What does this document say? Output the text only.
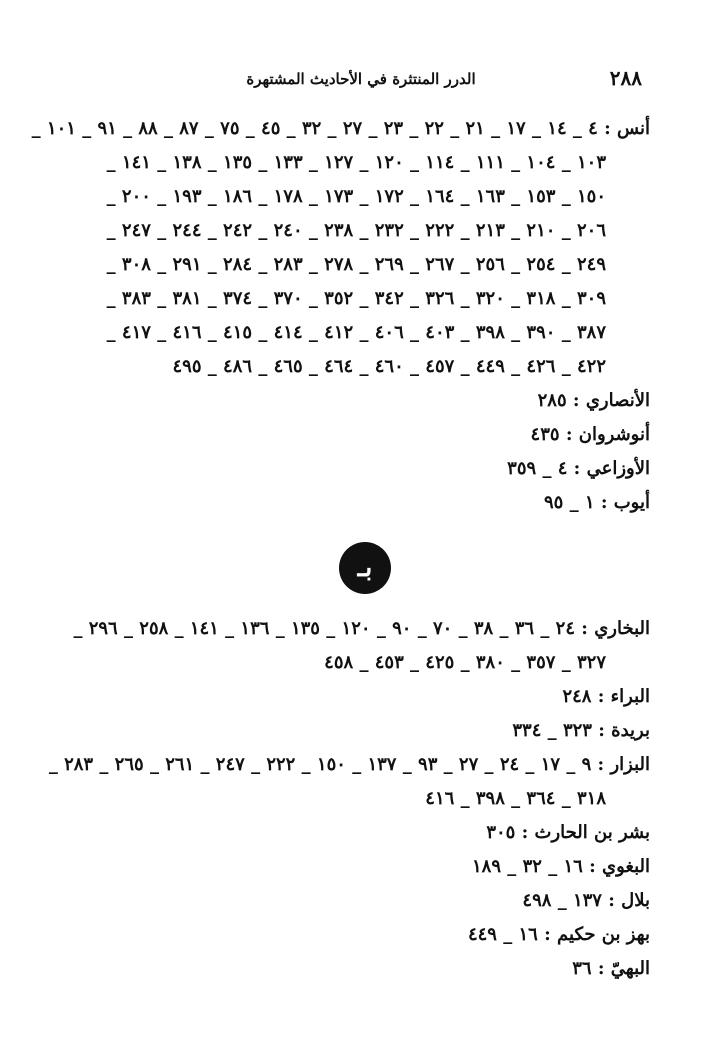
٢٨٨
الدرر المنتثرة في الأحاديث المشتهرة
أنس : ٤ _ ١٤ _ ١٧ _ ٢١ _ ٢٢ _ ٢٣ _ ٢٧ _ ٣٢ _ ٤٥ _ ٧٥ _ ٨٧ _ ٨٨ _ ٩١ _ ١٠١ _
١٠٣ _ ١٠٤ _ ١١١ _ ١١٤ _ ١٢٠ _ ١٢٧ _ ١٣٣ _ ١٣٥ _ ١٣٨ _ ١٤١ _
١٥٠ _ ١٥٣ _ ١٦٣ _ ١٦٤ _ ١٧٢ _ ١٧٣ _ ١٧٨ _ ١٨٦ _ ١٩٣ _ ٢٠٠ _
٢٠٦ _ ٢١٠ _ ٢١٣ _ ٢٢٢ _ ٢٣٢ _ ٢٣٨ _ ٢٤٠ _ ٢٤٢ _ ٢٤٤ _ ٢٤٧ _
٢٤٩ _ ٢٥٤ _ ٢٥٦ _ ٢٦٧ _ ٢٦٩ _ ٢٧٨ _ ٢٨٣ _ ٢٨٤ _ ٢٩١ _ ٣٠٨ _
٣٠٩ _ ٣١٨ _ ٣٢٠ _ ٣٢٦ _ ٣٤٢ _ ٣٥٢ _ ٣٧٠ _ ٣٧٤ _ ٣٨١ _ ٣٨٣ _
٣٨٧ _ ٣٩٠ _ ٣٩٨ _ ٤٠٣ _ ٤٠٦ _ ٤١٢ _ ٤١٤ _ ٤١٥ _ ٤١٦ _ ٤١٧ _
٤٢٢ _ ٤٢٦ _ ٤٤٩ _ ٤٥٧ _ ٤٦٠ _ ٤٦٤ _ ٤٦٥ _ ٤٨٦ _ ٤٩٥
الأنصاري : ٢٨٥
أنوشروان : ٤٣٥
الأوزاعي : ٤ _ ٣٥٩
أيوب : ١ _ ٩٥
بـ
البخاري : ٢٤ _ ٣٦ _ ٣٨ _ ٧٠ _ ٩٠ _ ١٢٠ _ ١٣٥ _ ١٣٦ _ ١٤١ _ ٢٥٨ _ ٢٩٦ _
٣٢٧ _ ٣٥٧ _ ٣٨٠ _ ٤٢٥ _ ٤٥٣ _ ٤٥٨
البراء : ٢٤٨
بريدة : ٣٢٣ _ ٣٣٤
البزار : ٩ _ ١٧ _ ٢٤ _ ٢٧ _ ٩٣ _ ١٣٧ _ ١٥٠ _ ٢٢٢ _ ٢٤٧ _ ٢٦١ _ ٢٦٥ _ ٢٨٣ _
٣١٨ _ ٣٦٤ _ ٣٩٨ _ ٤١٦
بشر بن الحارث : ٣٠٥
البغوي : ١٦ _ ٣٢ _ ١٨٩
بلال : ١٣٧ _ ٤٩٨
بهز بن حكيم : ١٦ _ ٤٤٩
البهيّ : ٣٦
